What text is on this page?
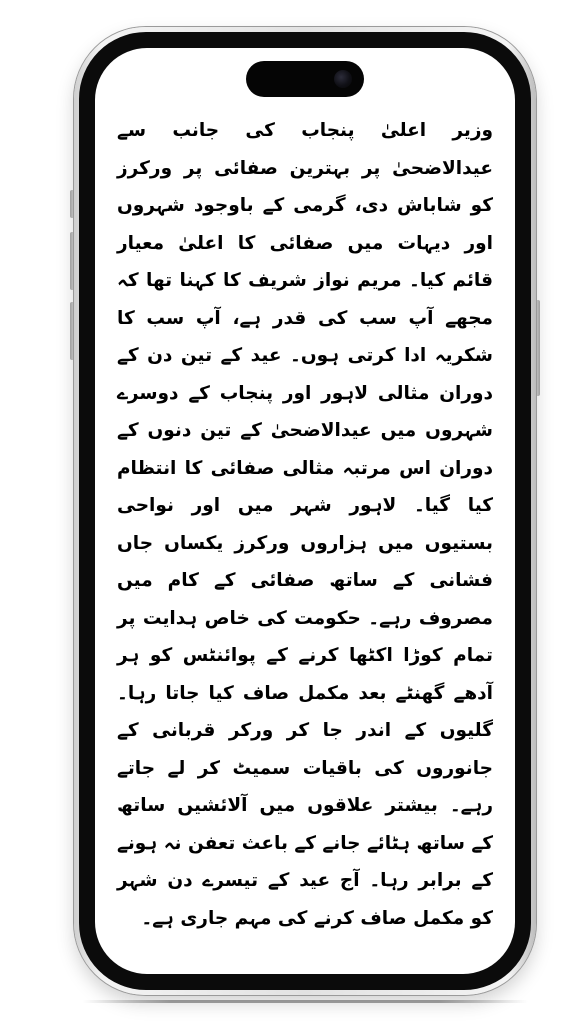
وزیر اعلیٰ پنجاب کی جانب سے عیدالاضحیٰ پر بہترین صفائی پر ورکرز کو شاباش دی، گرمی کے باوجود شہروں اور دیہات میں صفائی کا اعلیٰ معیار قائم کیا۔ مریم نواز شریف کا کہنا تھا کہ مجھے آپ سب کی قدر ہے، آپ سب کا شکریہ ادا کرتی ہوں۔ عید کے تین دن کے دوران مثالی لاہور اور پنجاب کے دوسرے شہروں میں عیدالاضحیٰ کے تین دنوں کے دوران اس مرتبہ مثالی صفائی کا انتظام کیا گیا۔ لاہور شہر میں اور نواحی بستیوں میں ہزاروں ورکرز یکساں جاں فشانی کے ساتھ صفائی کے کام میں مصروف رہے۔ حکومت کی خاص ہدایت پر تمام کوڑا اکٹھا کرنے کے پوائنٹس کو ہر آدھے گھنٹے بعد مکمل صاف کیا جاتا رہا۔ گلیوں کے اندر جا کر ورکر قربانی کے جانوروں کی باقیات سمیٹ کر لے جاتے رہے۔ بیشتر علاقوں میں آلائشیں ساتھ کے ساتھ ہٹائے جانے کے باعث تعفن نہ ہونے کے برابر رہا۔ آج عید کے تیسرے دن شہر کو مکمل صاف کرنے کی مہم جاری ہے۔
